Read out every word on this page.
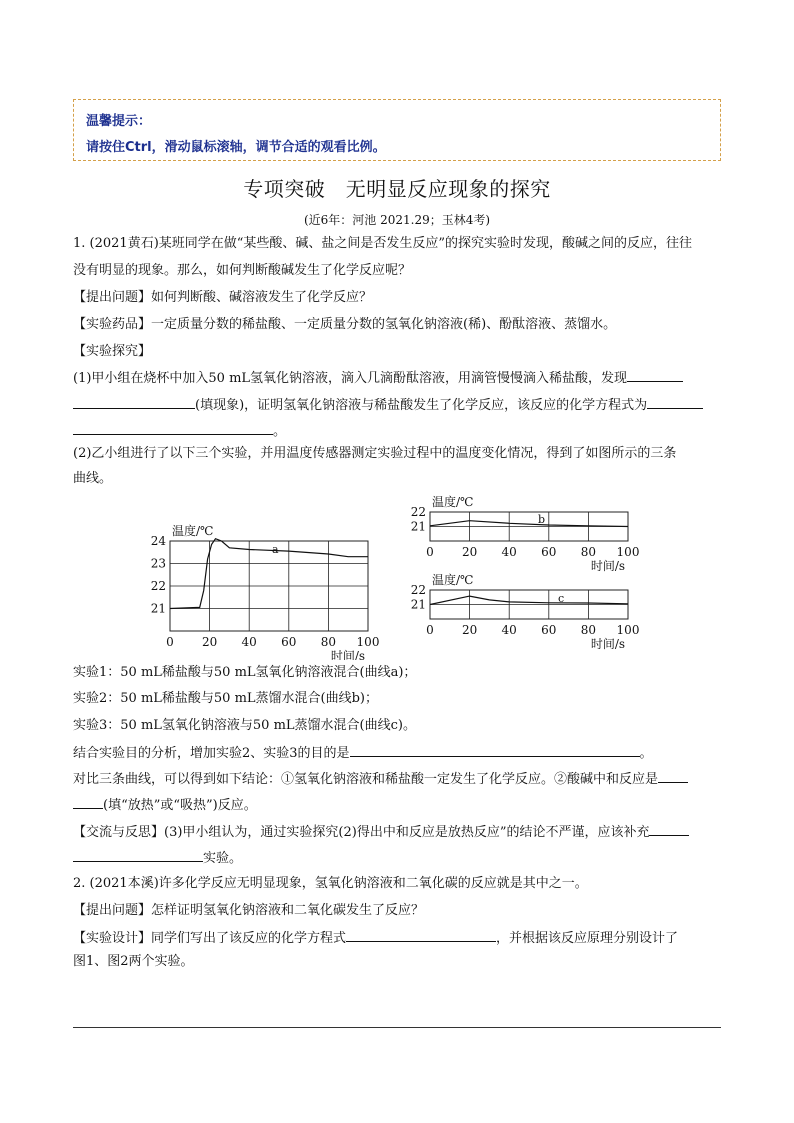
温馨提示：
请按住Ctrl，滑动鼠标滚轴，调节合适的观看比例。
专项突破　无明显反应现象的探究
(近6年：河池 2021.29；玉林4考)
1. (2021黄石)某班同学在做“某些酸、碱、盐之间是否发生反应”的探究实验时发现，酸碱之间的反应，往往
没有明显的现象。那么，如何判断酸碱发生了化学反应呢？
【提出问题】如何判断酸、碱溶液发生了化学反应？
【实验药品】一定质量分数的稀盐酸、一定质量分数的氢氧化钠溶液(稀)、酚酞溶液、蒸馏水。
【实验探究】
(1)甲小组在烧杯中加入50 mL氢氧化钠溶液，滴入几滴酚酞溶液，用滴管慢慢滴入稀盐酸，发现
(填现象)，证明氢氧化钠溶液与稀盐酸发生了化学反应，该反应的化学方程式为
。
(2)乙小组进行了以下三个实验，并用温度传感器测定实验过程中的温度变化情况，得到了如图所示的三条
曲线。
21
22
23
24
0 20 40 60 80 100
温度/℃
时间/s
a
21
22
0 20 40 60 80 100
温度/℃
时间/s
b
21
22
0 20 40 60 80 100
温度/℃
时间/s
c
实验1：50 mL稀盐酸与50 mL氢氧化钠溶液混合(曲线a)；
实验2：50 mL稀盐酸与50 mL蒸馏水混合(曲线b)；
实验3：50 mL氢氧化钠溶液与50 mL蒸馏水混合(曲线c)。
结合实验目的分析，增加实验2、实验3的目的是	。
对比三条曲线，可以得到如下结论：①氢氧化钠溶液和稀盐酸一定发生了化学反应。②酸碱中和反应是
(填“放热”或“吸热”)反应。
【交流与反思】(3)甲小组认为，通过实验探究(2)得出中和反应是放热反应”的结论不严谨，应该补充
实验。
2. (2021本溪)许多化学反应无明显现象，氢氧化钠溶液和二氧化碳的反应就是其中之一。
【提出问题】怎样证明氢氧化钠溶液和二氧化碳发生了反应？
【实验设计】同学们写出了该反应的化学方程式	，并根据该反应原理分别设计了
图1、图2两个实验。
